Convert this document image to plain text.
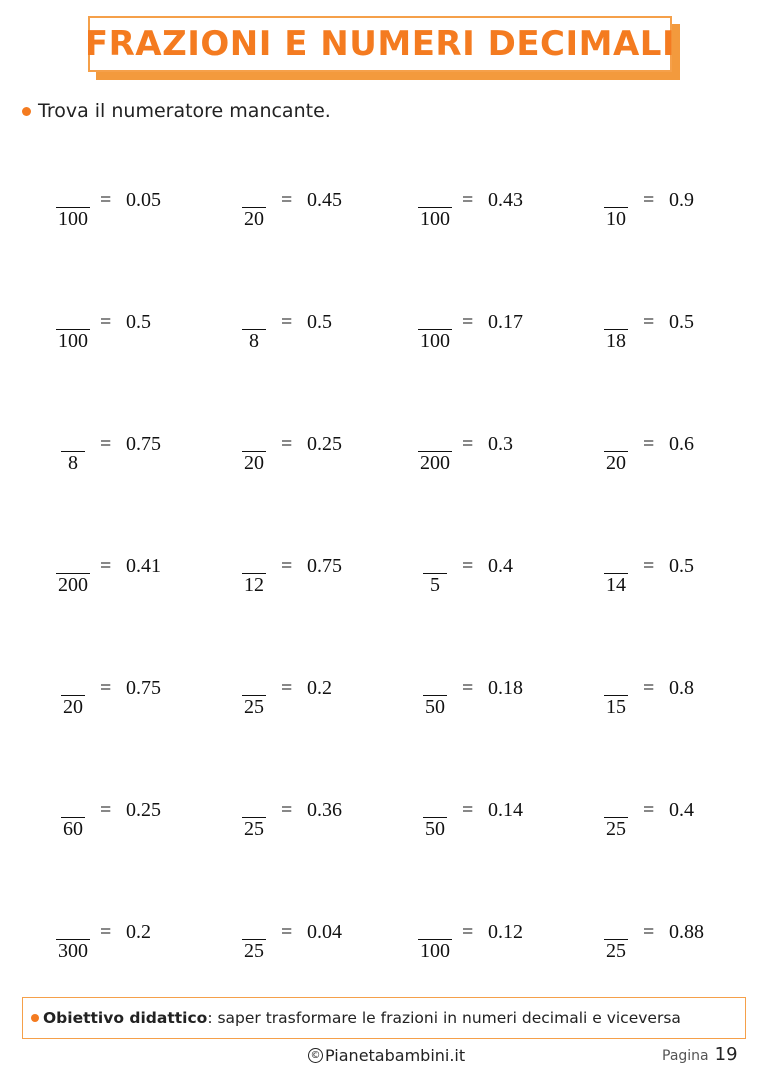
FRAZIONI E NUMERI DECIMALI
Trova il numeratore mancante.
100
= 0.05
20
= 0.45
100
= 0.43
10
= 0.9
100
= 0.5
8
= 0.5
100
= 0.17
18
= 0.5
8
= 0.75
20
= 0.25
200
= 0.3
20
= 0.6
200
= 0.41
12
= 0.75
5
= 0.4
14
= 0.5
20
= 0.75
25
= 0.2
50
= 0.18
15
= 0.8
60
= 0.25
25
= 0.36
50
= 0.14
25
= 0.4
300
= 0.2
25
= 0.04
100
= 0.12
25
= 0.88
Obiettivo didattico : saper trasformare le frazioni in numeri decimali e viceversa
© Pianetabambini.it	Pagina 19
